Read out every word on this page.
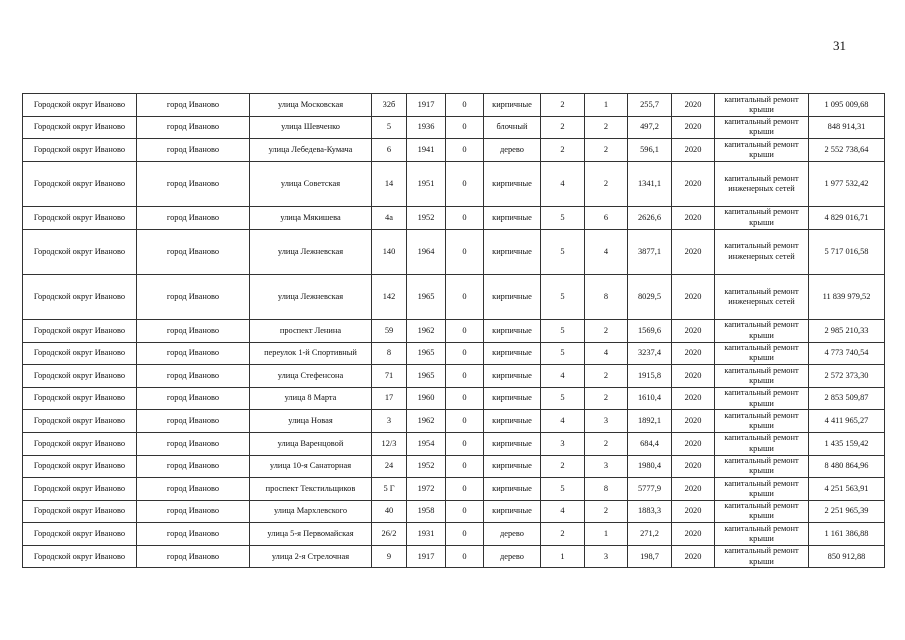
31
Городской округ Иваново	город Иваново	улица Московская	32б	1917	0	кирпичные	2	1	255,7	2020	капитальный ремонт крыши	1 095 009,68
Городской округ Иваново	город Иваново	улица Шевченко	5	1936	0	блочный	2	2	497,2	2020	капитальный ремонт крыши	848 914,31
Городской округ Иваново	город Иваново	улица Лебедева-Кумача	6	1941	0	дерево	2	2	596,1	2020	капитальный ремонт крыши	2 552 738,64
Городской округ Иваново	город Иваново	улица Советская	14	1951	0	кирпичные	4	2	1341,1	2020	капитальный ремонт инженерных сетей	1 977 532,42
Городской округ Иваново	город Иваново	улица Мякишева	4а	1952	0	кирпичные	5	6	2626,6	2020	капитальный ремонт крыши	4 829 016,71
Городской округ Иваново	город Иваново	улица Лежневская	140	1964	0	кирпичные	5	4	3877,1	2020	капитальный ремонт инженерных сетей	5 717 016,58
Городской округ Иваново	город Иваново	улица Лежневская	142	1965	0	кирпичные	5	8	8029,5	2020	капитальный ремонт инженерных сетей	11 839 979,52
Городской округ Иваново	город Иваново	проспект Ленина	59	1962	0	кирпичные	5	2	1569,6	2020	капитальный ремонт крыши	2 985 210,33
Городской округ Иваново	город Иваново	переулок 1-й Спортивный	8	1965	0	кирпичные	5	4	3237,4	2020	капитальный ремонт крыши	4 773 740,54
Городской округ Иваново	город Иваново	улица Стефенсона	71	1965	0	кирпичные	4	2	1915,8	2020	капитальный ремонт крыши	2 572 373,30
Городской округ Иваново	город Иваново	улица 8 Марта	17	1960	0	кирпичные	5	2	1610,4	2020	капитальный ремонт крыши	2 853 509,87
Городской округ Иваново	город Иваново	улица Новая	3	1962	0	кирпичные	4	3	1892,1	2020	капитальный ремонт крыши	4 411 965,27
Городской округ Иваново	город Иваново	улица Варенцовой	12/3	1954	0	кирпичные	3	2	684,4	2020	капитальный ремонт крыши	1 435 159,42
Городской округ Иваново	город Иваново	улица 10-я Санаторная	24	1952	0	кирпичные	2	3	1980,4	2020	капитальный ремонт крыши	8 480 864,96
Городской округ Иваново	город Иваново	проспект Текстильщиков	5 Г	1972	0	кирпичные	5	8	5777,9	2020	капитальный ремонт крыши	4 251 563,91
Городской округ Иваново	город Иваново	улица Мархлевского	40	1958	0	кирпичные	4	2	1883,3	2020	капитальный ремонт крыши	2 251 965,39
Городской округ Иваново	город Иваново	улица 5-я Первомайская	26/2	1931	0	дерево	2	1	271,2	2020	капитальный ремонт крыши	1 161 386,88
Городской округ Иваново	город Иваново	улица 2-я Стрелочная	9	1917	0	дерево	1	3	198,7	2020	капитальный ремонт крыши	850 912,88
